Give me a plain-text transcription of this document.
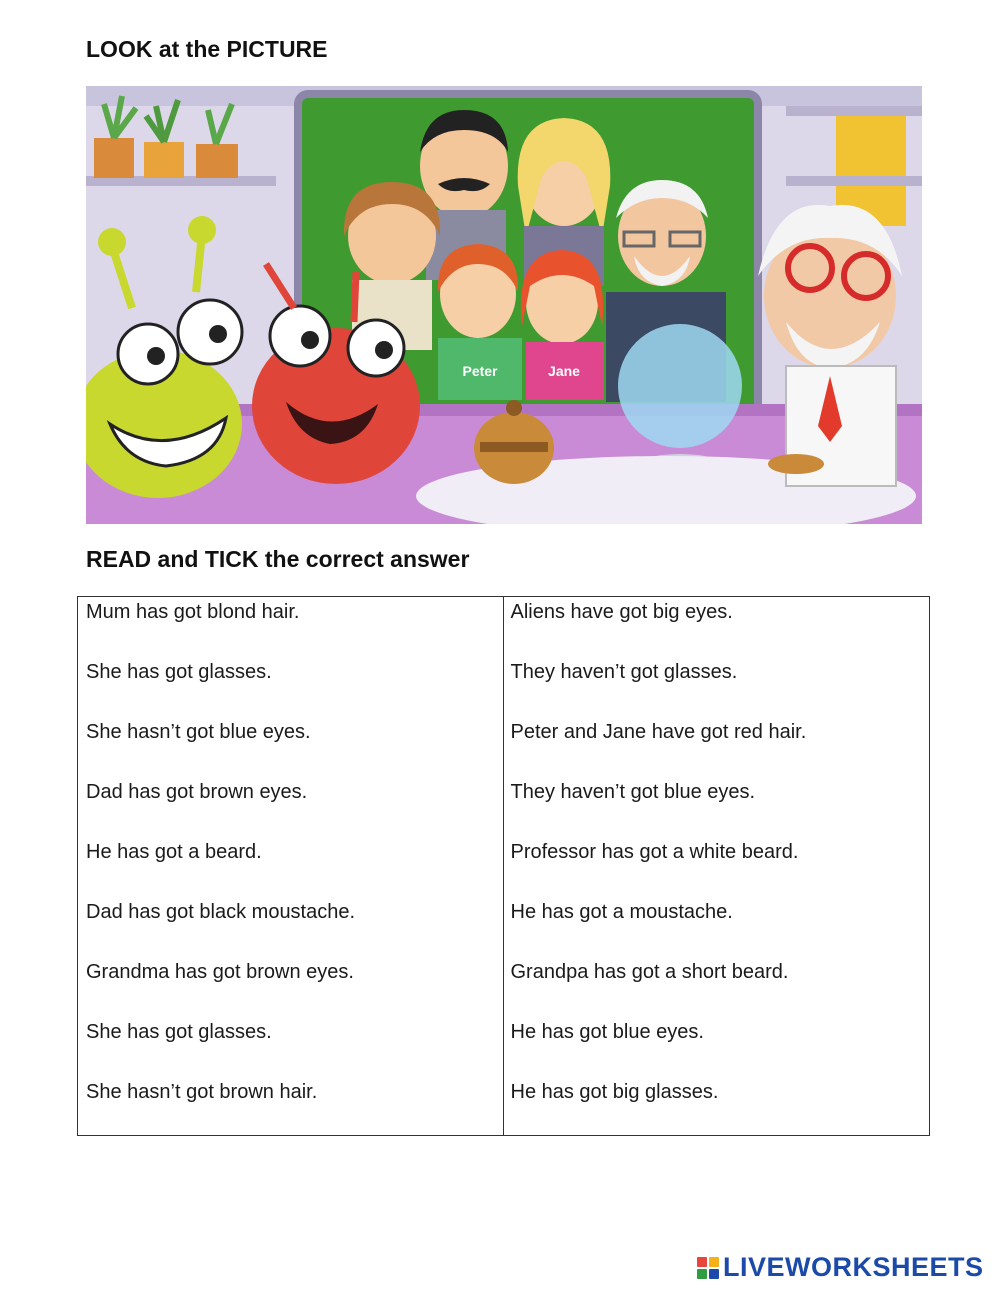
LOOK at the PICTURE
Peter	Jane
READ and TICK the correct answer
Mum has got blond hair.
She has got glasses.
She hasn’t got blue eyes.
Dad has got brown eyes.
He has got a beard.
Dad has got black moustache.
Grandma has got brown eyes.
She has got glasses.
She hasn’t got brown hair.
Aliens have got big eyes.
They haven’t got glasses.
Peter and Jane have got red hair.
They haven’t got blue eyes.
Professor has got a white beard.
He has got a moustache.
Grandpa has got a short beard.
He has got blue eyes.
He has got big glasses.
LIVEWORKSHEETS
